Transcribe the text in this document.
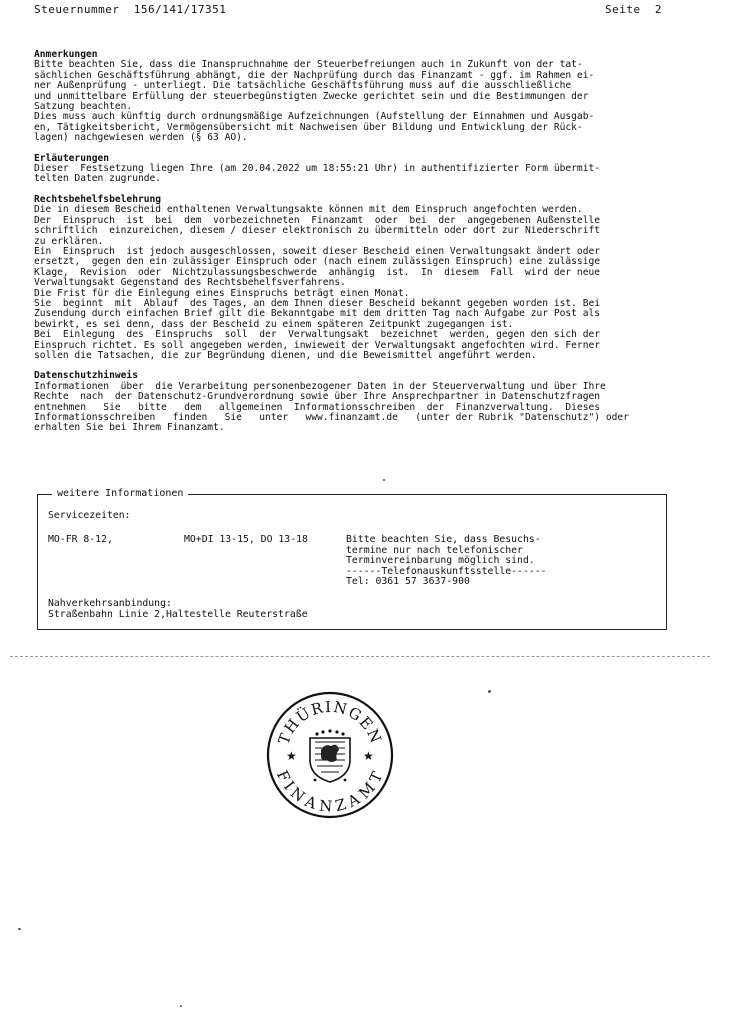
Steuernummer 156/141/17351	Seite 2
Anmerkungen
Bitte beachten Sie, dass die Inanspruchnahme der Steuerbefreiungen auch in Zukunft von der tat-
sächlichen Geschäftsführung abhängt, die der Nachprüfung durch das Finanzamt - ggf. im Rahmen ei-
ner Außenprüfung - unterliegt. Die tatsächliche Geschäftsführung muss auf die ausschließliche
und unmittelbare Erfüllung der steuerbegünstigten Zwecke gerichtet sein und die Bestimmungen der
Satzung beachten.
Dies muss auch künftig durch ordnungsmäßige Aufzeichnungen (Aufstellung der Einnahmen und Ausgab-
en, Tätigkeitsbericht, Vermögensübersicht mit Nachweisen über Bildung und Entwicklung der Rück-
lagen) nachgewiesen werden (§ 63 AO).
Erläuterungen
Dieser  Festsetzung liegen Ihre (am 20.04.2022 um 18:55:21 Uhr) in authentifizierter Form übermit-
telten Daten zugrunde.
Rechtsbehelfsbelehrung
Die in diesem Bescheid enthaltenen Verwaltungsakte können mit dem Einspruch angefochten werden.
Der  Einspruch  ist  bei  dem  vorbezeichneten  Finanzamt  oder  bei  der  angegebenen Außenstelle
schriftlich  einzureichen, diesem / dieser elektronisch zu übermitteln oder dort zur Niederschrift
zu erklären.
Ein  Einspruch  ist jedoch ausgeschlossen, soweit dieser Bescheid einen Verwaltungsakt ändert oder
ersetzt,  gegen den ein zulässiger Einspruch oder (nach einem zulässigen Einspruch) eine zulässige
Klage,  Revision  oder  Nichtzulassungsbeschwerde  anhängig  ist.  In  diesem  Fall  wird der neue
Verwaltungsakt Gegenstand des Rechtsbehelfsverfahrens.
Die Frist für die Einlegung eines Einspruchs beträgt einen Monat.
Sie  beginnt  mit  Ablauf  des Tages, an dem Ihnen dieser Bescheid bekannt gegeben worden ist. Bei
Zusendung durch einfachen Brief gilt die Bekanntgabe mit dem dritten Tag nach Aufgabe zur Post als
bewirkt, es sei denn, dass der Bescheid zu einem späteren Zeitpunkt zugegangen ist.
Bei  Einlegung  des  Einspruchs  soll  der  Verwaltungsakt  bezeichnet  werden, gegen den sich der
Einspruch richtet. Es soll angegeben werden, inwieweit der Verwaltungsakt angefochten wird. Ferner
sollen die Tatsachen, die zur Begründung dienen, und die Beweismittel angeführt werden.
Datenschutzhinweis
Informationen  über  die Verarbeitung personenbezogener Daten in der Steuerverwaltung und über Ihre
Rechte  nach  der Datenschutz-Grundverordnung sowie über Ihre Ansprechpartner in Datenschutzfragen
entnehmen   Sie   bitte   dem   allgemeinen  Informationsschreiben  der  Finanzverwaltung.  Dieses
Informationsschreiben   finden   Sie   unter   www.finanzamt.de   (unter der Rubrik "Datenschutz") oder
erhalten Sie bei Ihrem Finanzamt.
weitere Informationen
Servicezeiten:
MO-FR 8-12,	MO+DI 13-15, DO 13-18	Bitte beachten Sie, dass Besuchs-
termine nur nach telefonischer
Terminvereinbarung möglich sind.
------Telefonauskunftsstelle------
Tel: 0361 57 3637-900
Nahverkehrsanbindung:
Straßenbahn Linie 2,Haltestelle Reuterstraße
THÜRINGEN
FINANZAMT
★	★
